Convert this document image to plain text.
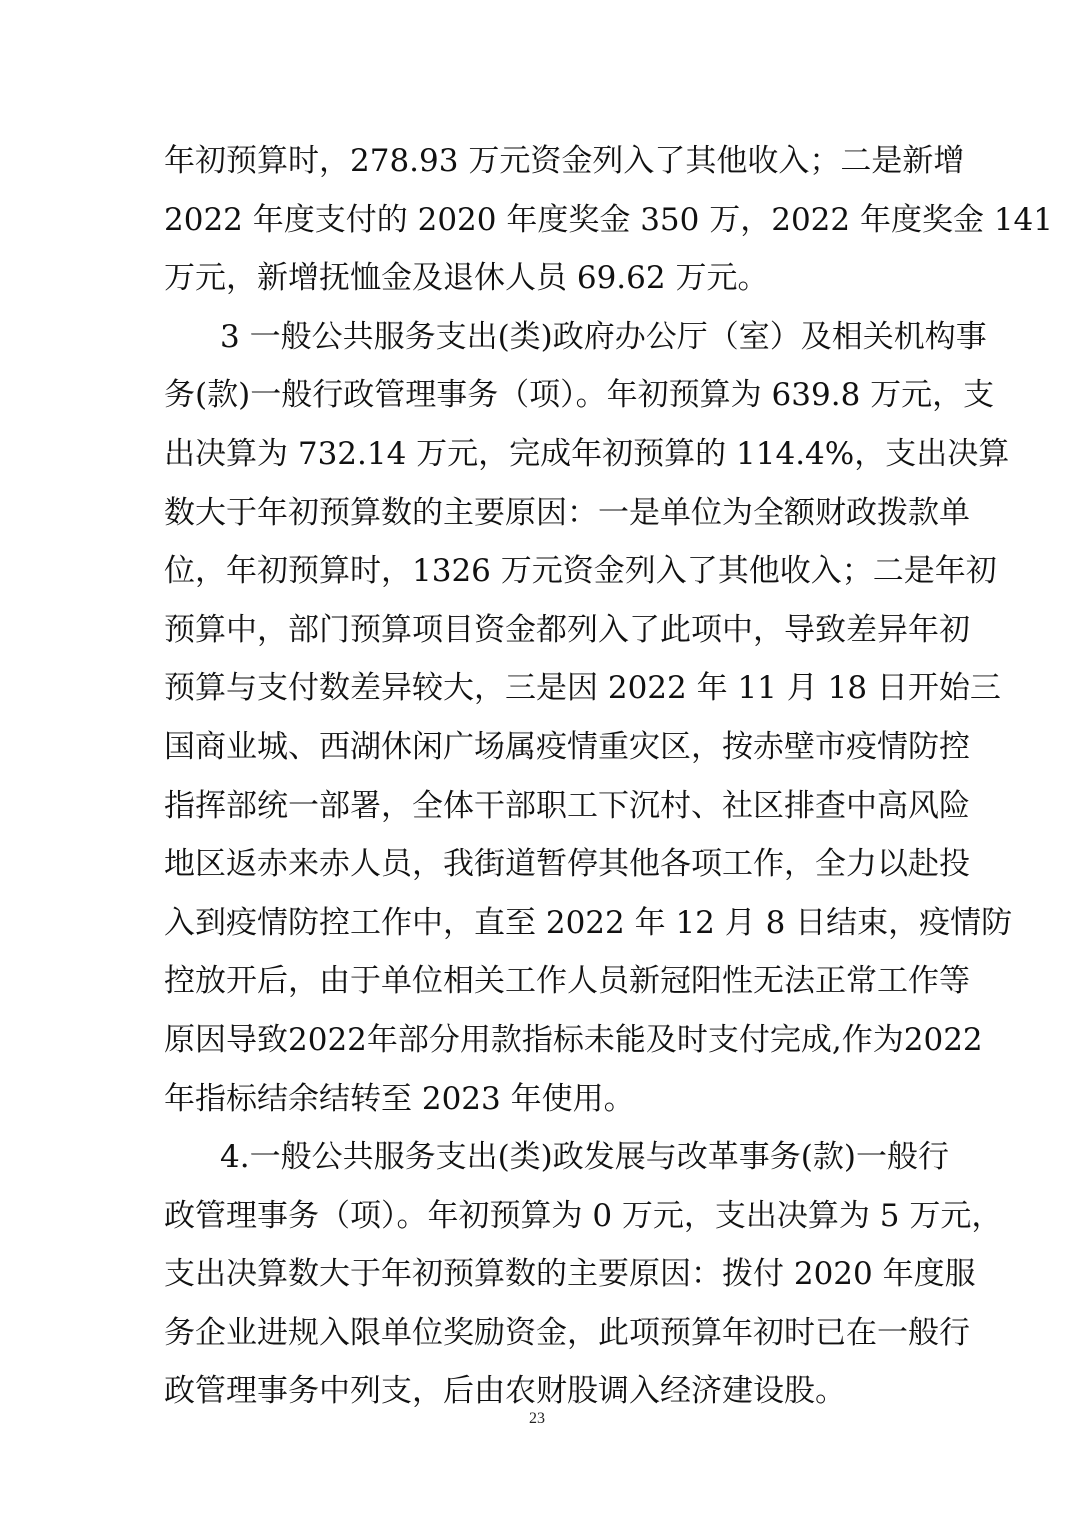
年初预算时，278.93 万元资金列入了其他收入；二是新增
2022 年度支付的 2020 年度奖金 350 万，2022 年度奖金 141
万元，新增抚恤金及退休人员 69.62 万元。
3 一般公共服务支出(类)政府办公厅（室）及相关机构事
务(款)一般行政管理事务（项）。年初预算为 639.8 万元，支
出决算为 732.14 万元，完成年初预算的 114.4%，支出决算
数大于年初预算数的主要原因：一是单位为全额财政拨款单
位，年初预算时，1326 万元资金列入了其他收入；二是年初
预算中，部门预算项目资金都列入了此项中，导致差异年初
预算与支付数差异较大，三是因 2022 年 11 月 18 日开始三
国商业城、西湖休闲广场属疫情重灾区，按赤壁市疫情防控
指挥部统一部署，全体干部职工下沉村、社区排查中高风险
地区返赤来赤人员，我街道暂停其他各项工作，全力以赴投
入到疫情防控工作中，直至 2022 年 12 月 8 日结束，疫情防
控放开后，由于单位相关工作人员新冠阳性无法正常工作等
原因导致2022年部分用款指标未能及时支付完成,作为2022
年指标结余结转至 2023 年使用。
4.一般公共服务支出(类)政发展与改革事务(款)一般行
政管理事务（项）。年初预算为 0 万元，支出决算为 5 万元，
支出决算数大于年初预算数的主要原因：拨付 2020 年度服
务企业进规入限单位奖励资金，此项预算年初时已在一般行
政管理事务中列支，后由农财股调入经济建设股。
23
